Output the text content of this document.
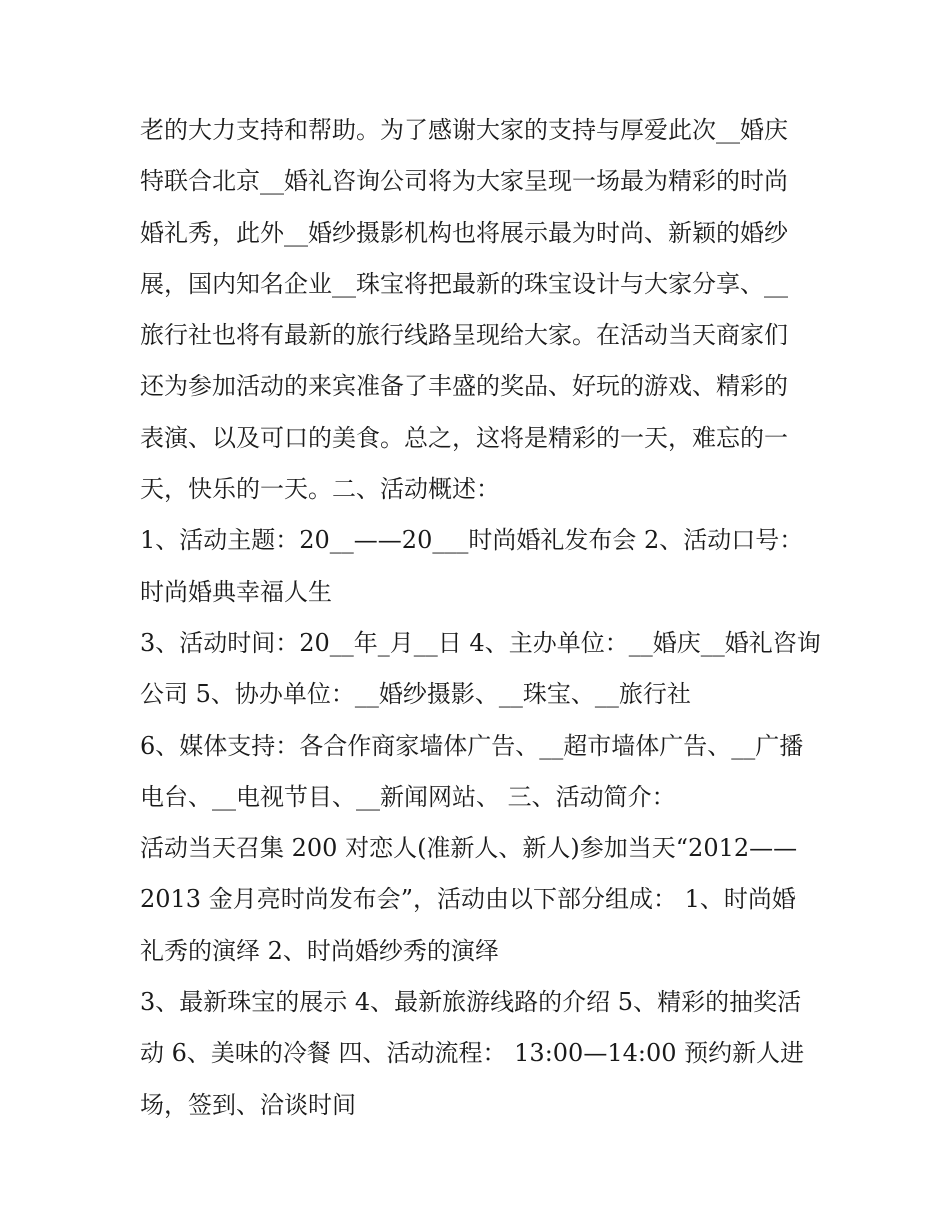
老的大力支持和帮助。为了感谢大家的支持与厚爱此次__婚庆
特联合北京__婚礼咨询公司将为大家呈现一场最为精彩的时尚
婚礼秀，此外__婚纱摄影机构也将展示最为时尚、新颖的婚纱
展，国内知名企业__珠宝将把最新的珠宝设计与大家分享、__
旅行社也将有最新的旅行线路呈现给大家。在活动当天商家们
还为参加活动的来宾准备了丰盛的奖品、好玩的游戏、精彩的
表演、以及可口的美食。总之，这将是精彩的一天，难忘的一
天，快乐的一天。二、活动概述：
1、活动主题：20__——20___时尚婚礼发布会 2、活动口号：
时尚婚典幸福人生
3、活动时间：20__年_月__日 4、主办单位：__婚庆__婚礼咨询
公司 5、协办单位：__婚纱摄影、__珠宝、__旅行社
6、媒体支持：各合作商家墙体广告、__超市墙体广告、__广播
电台、__电视节目、__新闻网站、 三、活动简介：
活动当天召集 200 对恋人(准新人、新人)参加当天“2012——
2013 金月亮时尚发布会”，活动由以下部分组成： 1、时尚婚
礼秀的演绎 2、时尚婚纱秀的演绎
3、最新珠宝的展示 4、最新旅游线路的介绍 5、精彩的抽奖活
动 6、美味的冷餐 四、活动流程： 13:00—14:00 预约新人进
场，签到、洽谈时间
